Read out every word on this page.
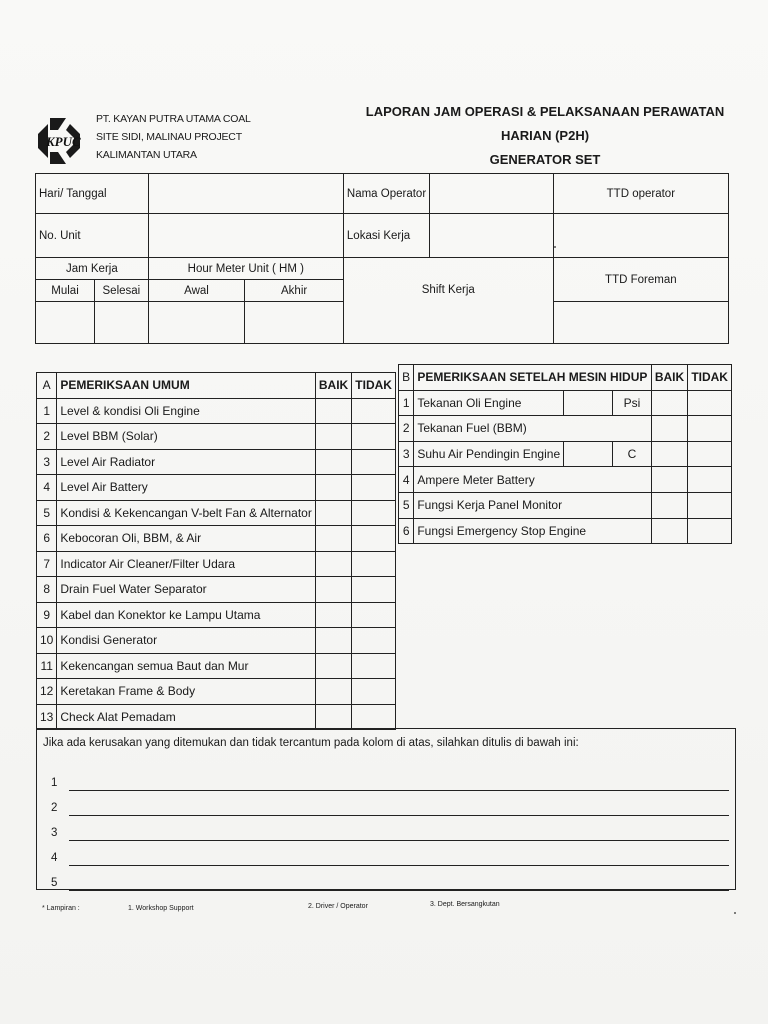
KPUC
PT. KAYAN PUTRA UTAMA COAL
SITE SIDI, MALINAU PROJECT
KALIMANTAN UTARA
LAPORAN JAM OPERASI & PELAKSANAAN PERAWATAN HARIAN (P2H)
GENERATOR SET
Hari/ Tanggal				Nama Operator		TTD operator
No. Unit				Lokasi Kerja		
Jam Kerja		Hour Meter Unit ( HM )		Shift Kerja		TTD Foreman
Mulai	Selesai	Awal	Akhir			

A	PEMERIKSAAN UMUM	BAIK	TIDAK
1	Level & kondisi Oli Engine		
2	Level BBM (Solar)		
3	Level Air Radiator		
4	Level Air Battery		
5	Kondisi & Kekencangan V-belt Fan & Alternator		
6	Kebocoran Oli, BBM, & Air		
7	Indicator Air Cleaner/Filter Udara		
8	Drain Fuel Water Separator		
9	Kabel dan Konektor ke Lampu Utama		
10	Kondisi Generator		
11	Kekencangan semua Baut dan Mur		
12	Keretakan Frame & Body		
13	Check Alat Pemadam		
B	PEMERIKSAAN SETELAH MESIN HIDUP			BAIK	TIDAK
1	Tekanan Oli Engine		Psi		
2	Tekanan Fuel (BBM)				
3	Suhu Air Pendingin Engine		C		
4	Ampere Meter Battery				
5	Fungsi Kerja Panel Monitor				
6	Fungsi Emergency Stop Engine				
Jika ada kerusakan yang ditemukan dan tidak tercantum pada kolom di atas, silahkan ditulis di bawah ini:
1
2
3
4
5
* Lampiran :	1. Workshop Support	2. Driver / Operator	3. Dept. Bersangkutan
